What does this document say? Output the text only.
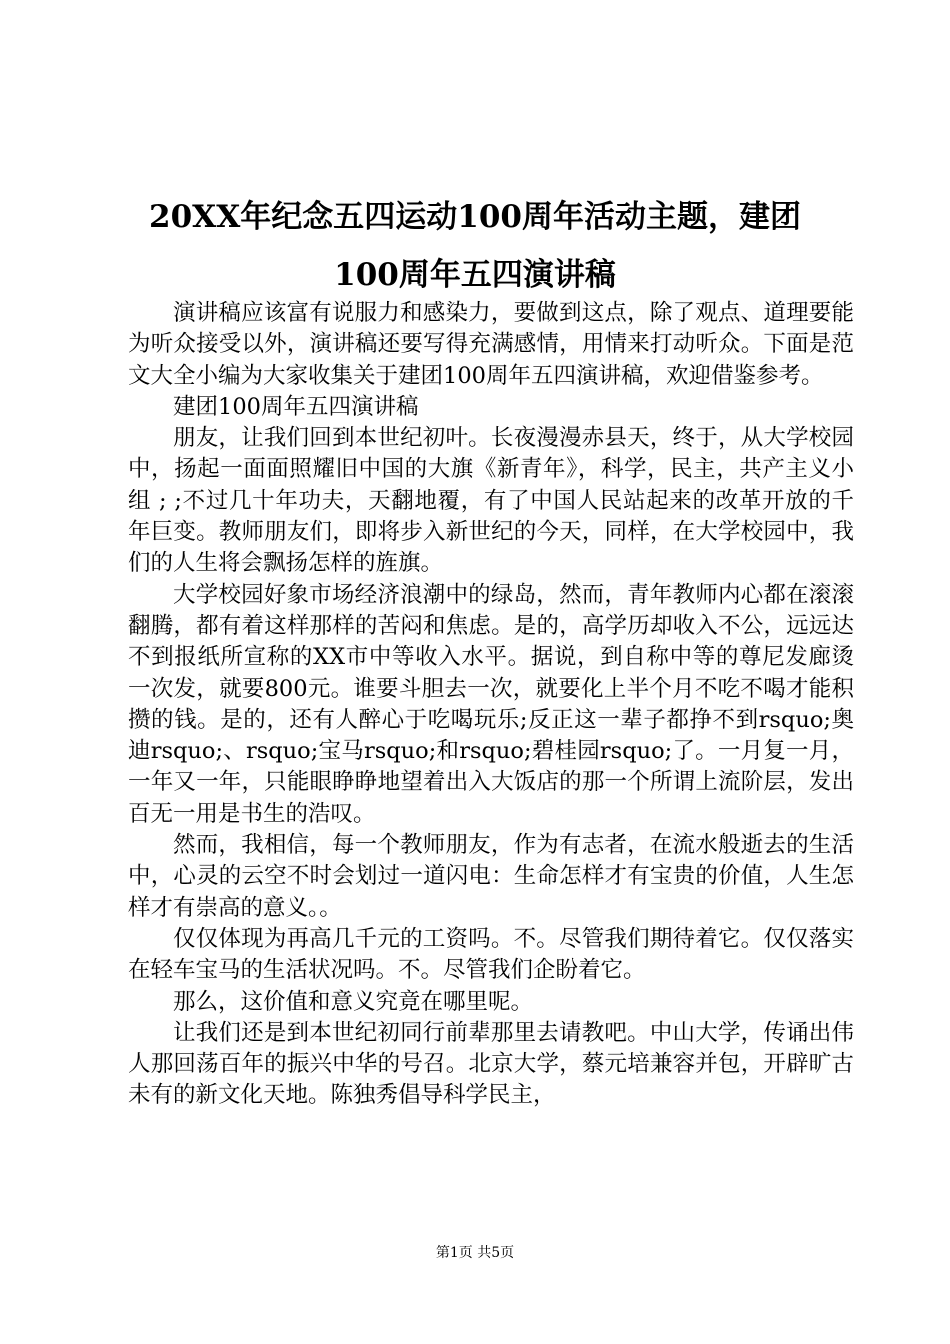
20XX年纪念五四运动100周年活动主题，建团
100周年五四演讲稿

演讲稿应该富有说服力和感染力，要做到这点，除了观点、道理要能为听众接受以外，演讲稿还要写得充满感情，用情来打动听众。下面是范文大全小编为大家收集关于建团100周年五四演讲稿，欢迎借鉴参考。

建团100周年五四演讲稿

朋友，让我们回到本世纪初叶。长夜漫漫赤县天，终于，从大学校园中，扬起一面面照耀旧中国的大旗《新青年》，科学，民主，共产主义小组 ; ;不过几十年功夫，天翻地覆，有了中国人民站起来的改革开放的千年巨变。教师朋友们，即将步入新世纪的今天，同样，在大学校园中，我们的人生将会飘扬怎样的旌旗。

大学校园好象市场经济浪潮中的绿岛，然而，青年教师内心都在滚滚翻腾，都有着这样那样的苦闷和焦虑。是的，高学历却收入不公，远远达不到报纸所宣称的XX市中等收入水平。据说，到自称中等的尊尼发廊烫一次发，就要800元。谁要斗胆去一次，就要化上半个月不吃不喝才能积攒的钱。是的，还有人醉心于吃喝玩乐;反正这一辈子都挣不到rsquo;奥迪rsquo;、rsquo;宝马rsquo;和rsquo;碧桂园rsquo;了。一月复一月，一年又一年，只能眼睁睁地望着出入大饭店的那一个所谓上流阶层，发出百无一用是书生的浩叹。

然而，我相信，每一个教师朋友，作为有志者，在流水般逝去的生活中，心灵的云空不时会划过一道闪电：生命怎样才有宝贵的价值，人生怎样才有崇高的意义。。

仅仅体现为再高几千元的工资吗。不。尽管我们期待着它。仅仅落实在轻车宝马的生活状况吗。不。尽管我们企盼着它。

那么，这价值和意义究竟在哪里呢。

让我们还是到本世纪初同行前辈那里去请教吧。中山大学，传诵出伟人那回荡百年的振兴中华的号召。北京大学，蔡元培兼容并包，开辟旷古未有的新文化天地。陈独秀倡导科学民主，

第1页 共5页
